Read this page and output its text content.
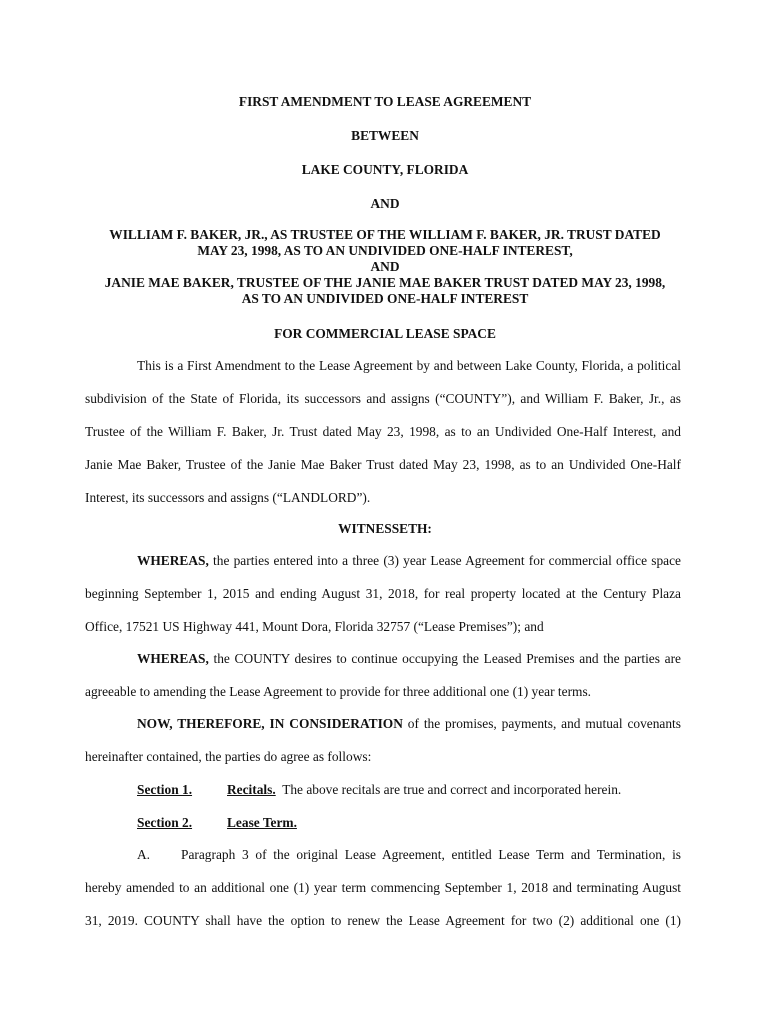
FIRST AMENDMENT TO LEASE AGREEMENT
BETWEEN
LAKE COUNTY, FLORIDA
AND
WILLIAM F. BAKER, JR., AS TRUSTEE OF THE WILLIAM F. BAKER, JR. TRUST DATED
MAY 23, 1998, AS TO AN UNDIVIDED ONE-HALF INTEREST,
AND
JANIE MAE BAKER, TRUSTEE OF THE JANIE MAE BAKER TRUST DATED MAY 23, 1998,
AS TO AN UNDIVIDED ONE-HALF INTEREST
FOR COMMERCIAL LEASE SPACE
This is a First Amendment to the Lease Agreement by and between Lake County, Florida, a political
subdivision of the State of Florida, its successors and assigns (“COUNTY”), and William F. Baker, Jr., as
Trustee of the William F. Baker, Jr. Trust dated May 23, 1998, as to an Undivided One-Half Interest, and
Janie Mae Baker, Trustee of the Janie Mae Baker Trust dated May 23, 1998, as to an Undivided One-Half
Interest, its successors and assigns (“LANDLORD”).
WITNESSETH:
WHEREAS, the parties entered into a three (3) year Lease Agreement for commercial office space
beginning September 1, 2015 and ending August 31, 2018, for real property located at the Century Plaza
Office, 17521 US Highway 441, Mount Dora, Florida 32757 (“Lease Premises”); and
WHEREAS, the COUNTY desires to continue occupying the Leased Premises and the parties are
agreeable to amending the Lease Agreement to provide for three additional one (1) year terms.
NOW, THEREFORE, IN CONSIDERATION of the promises, payments, and mutual covenants
hereinafter contained, the parties do agree as follows:
Section 1.	Recitals. The above recitals are true and correct and incorporated herein.
Section 2.	Lease Term.
A. Paragraph 3 of the original Lease Agreement, entitled Lease Term and Termination, is
hereby amended to an additional one (1) year term commencing September 1, 2018 and terminating August
31, 2019. COUNTY shall have the option to renew the Lease Agreement for two (2) additional one (1)
